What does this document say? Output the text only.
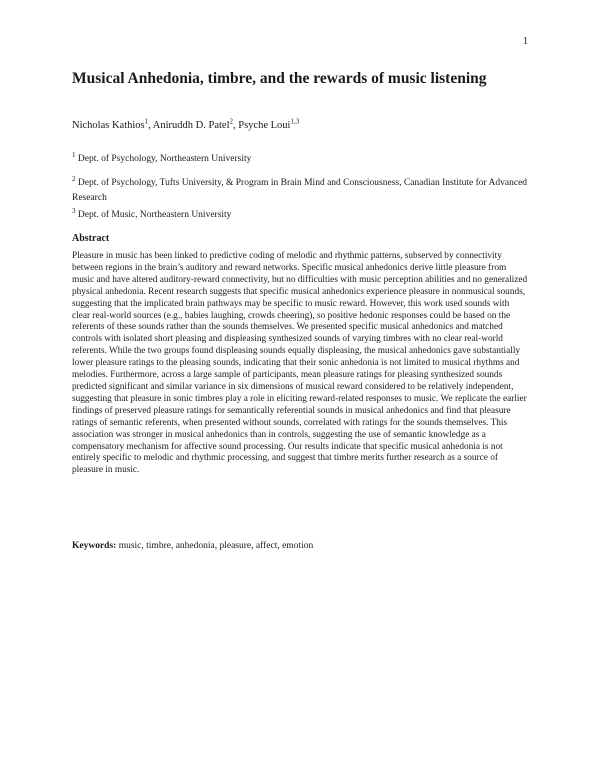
1
Musical Anhedonia, timbre, and the rewards of music listening
Nicholas Kathios$^1$, Aniruddh D. Patel$^2$, Psyche Loui$^{1,3}$
$^1$ Dept. of Psychology, Northeastern University
$^2$ Dept. of Psychology, Tufts University, & Program in Brain Mind and Consciousness, Canadian Institute for Advanced Research
$^3$ Dept. of Music, Northeastern University
Abstract

Pleasure in music has been linked to predictive coding of melodic and rhythmic patterns, subserved by connectivity between regions in the brain’s auditory and reward networks. Specific musical anhedonics derive little pleasure from music and have altered auditory-reward connectivity, but no difficulties with music perception abilities and no generalized physical anhedonia. Recent research suggests that specific musical anhedonics experience pleasure in nonmusical sounds, suggesting that the implicated brain pathways may be specific to music reward. However, this work used sounds with clear real-world sources (e.g., babies laughing, crowds cheering), so positive hedonic responses could be based on the referents of these sounds rather than the sounds themselves. We presented specific musical anhedonics and matched controls with isolated short pleasing and displeasing synthesized sounds of varying timbres with no clear real-world referents. While the two groups found displeasing sounds equally displeasing, the musical anhedonics gave substantially lower pleasure ratings to the pleasing sounds, indicating that their sonic anhedonia is not limited to musical rhythms and melodies. Furthermore, across a large sample of participants, mean pleasure ratings for pleasing synthesized sounds predicted significant and similar variance in six dimensions of musical reward considered to be relatively independent, suggesting that pleasure in sonic timbres play a role in eliciting reward-related responses to music. We replicate the earlier findings of preserved pleasure ratings for semantically referential sounds in musical anhedonics and find that pleasure ratings of semantic referents, when presented without sounds, correlated with ratings for the sounds themselves. This association was stronger in musical anhedonics than in controls, suggesting the use of semantic knowledge as a compensatory mechanism for affective sound processing. Our results indicate that specific musical anhedonia is not entirely specific to melodic and rhythmic processing, and suggest that timbre merits further research as a source of pleasure in music.

Keywords: music, timbre, anhedonia, pleasure, affect, emotion
